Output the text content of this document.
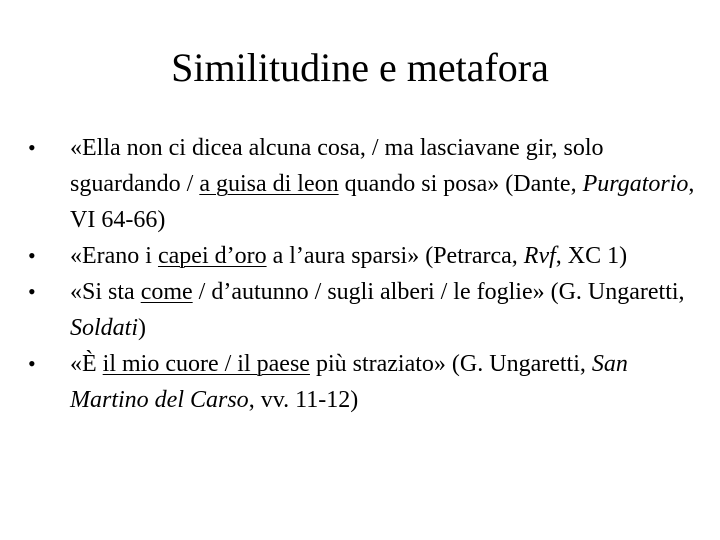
Similitudine e metafora
•	«Ella non ci dicea alcuna cosa, / ma lasciavane gir, solo sguardando / a guisa di leon quando si posa» (Dante, Purgatorio, VI 64-66)
•	«Erano i capei d’oro a l’aura sparsi» (Petrarca, Rvf, XC 1)
•	«Si sta come / d’autunno / sugli alberi / le foglie» (G. Ungaretti, Soldati)
•	«È il mio cuore / il paese più straziato» (G. Ungaretti, San Martino del Carso, vv. 11-12)
